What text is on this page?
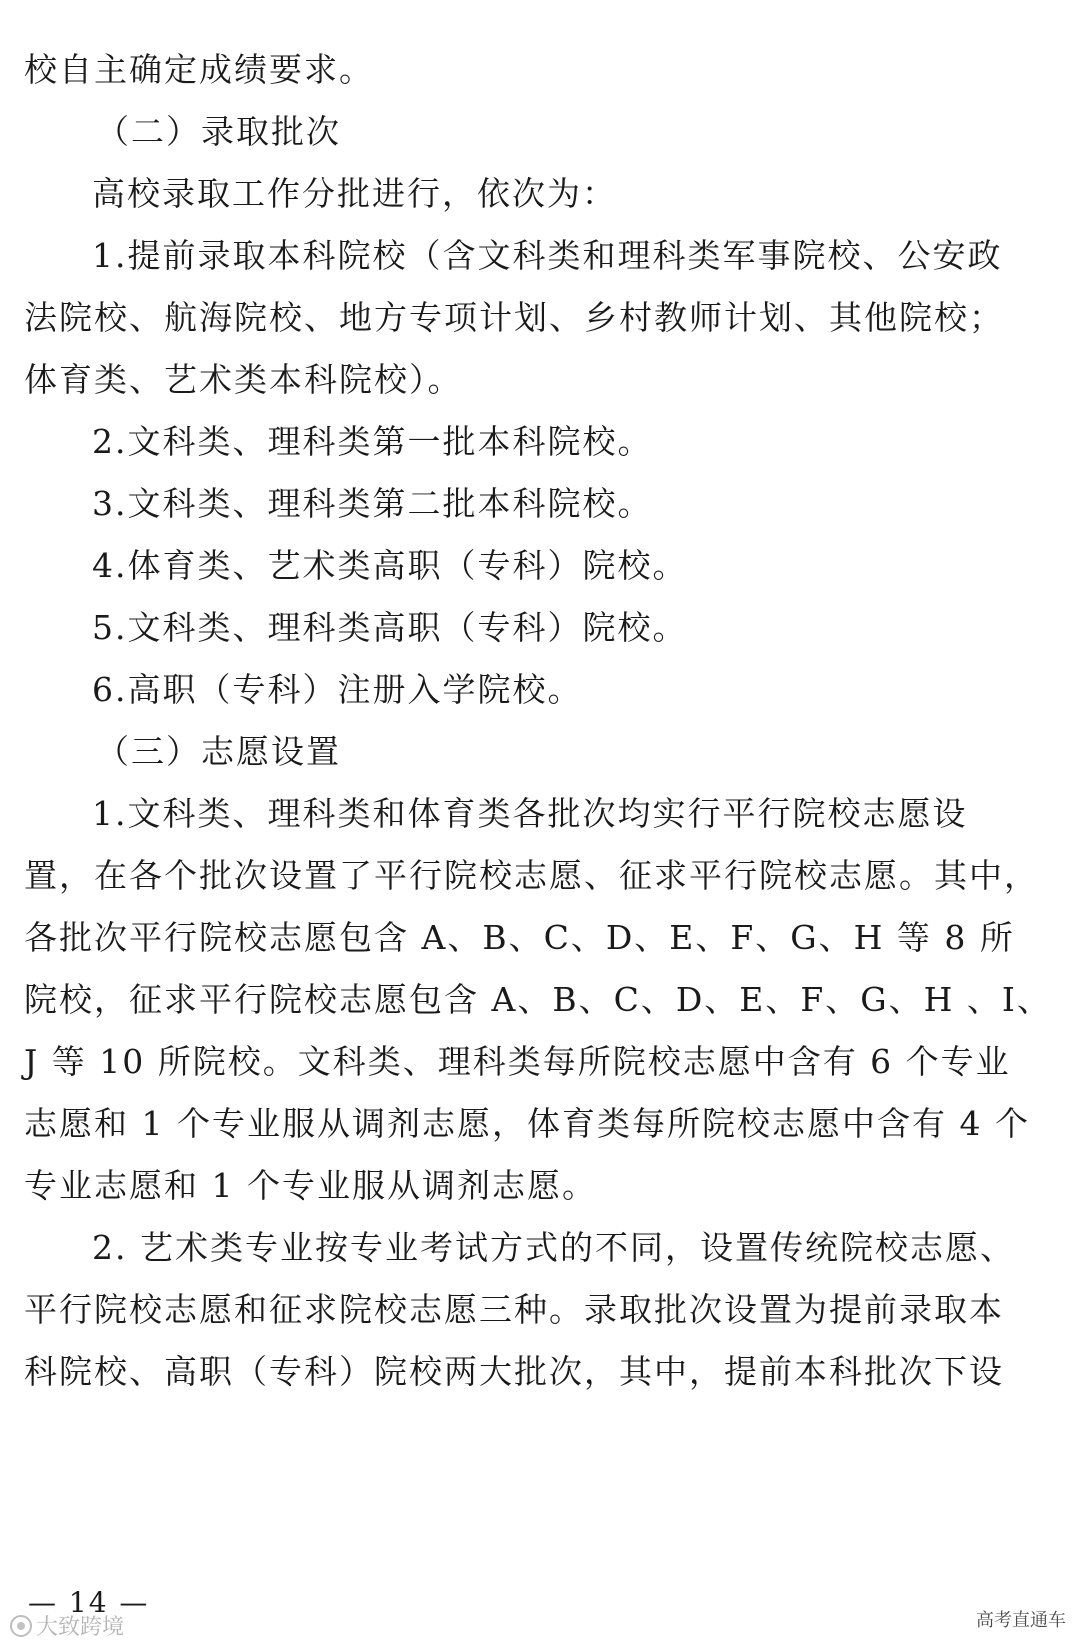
校自主确定成绩要求。
（二）录取批次
高校录取工作分批进行，依次为：
1.提前录取本科院校（含文科类和理科类军事院校、公安政
法院校、航海院校、地方专项计划、乡村教师计划、其他院校；
体育类、艺术类本科院校）。
2.文科类、理科类第一批本科院校。
3.文科类、理科类第二批本科院校。
4.体育类、艺术类高职（专科）院校。
5.文科类、理科类高职（专科）院校。
6.高职（专科）注册入学院校。
（三）志愿设置
1.文科类、理科类和体育类各批次均实行平行院校志愿设
置，在各个批次设置了平行院校志愿、征求平行院校志愿。其中，
各批次平行院校志愿包含 A、B、C、D、E、F、G、H 等 8 所
院校，征求平行院校志愿包含 A、B、C、D、E、F、G、H 、I、
J 等 10 所院校。文科类、理科类每所院校志愿中含有 6 个专业
志愿和 1 个专业服从调剂志愿，体育类每所院校志愿中含有 4 个
专业志愿和 1 个专业服从调剂志愿。
2. 艺术类专业按专业考试方式的不同，设置传统院校志愿、
平行院校志愿和征求院校志愿三种。录取批次设置为提前录取本
科院校、高职（专科）院校两大批次，其中，提前本科批次下设
— 14 —
大致跨境	高考直通车
